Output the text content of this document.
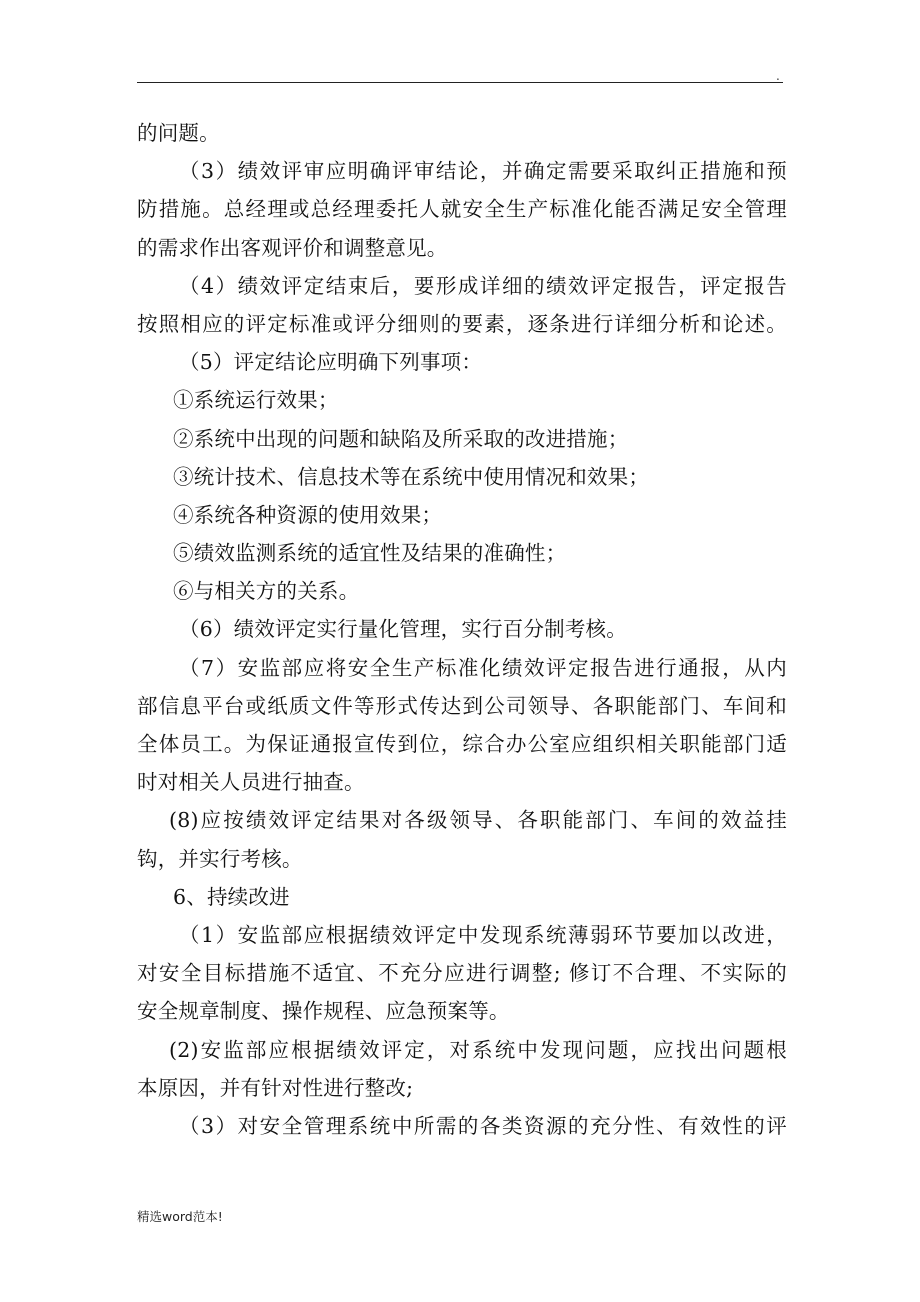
.
的问题。
（3）绩效评审应明确评审结论，并确定需要采取纠正措施和预
防措施。总经理或总经理委托人就安全生产标准化能否满足安全管理
的需求作出客观评价和调整意见。
（4）绩效评定结束后，要形成详细的绩效评定报告，评定报告
按照相应的评定标准或评分细则的要素，逐条进行详细分析和论述。
（5）评定结论应明确下列事项：
①系统运行效果；
②系统中出现的问题和缺陷及所采取的改进措施；
③统计技术、信息技术等在系统中使用情况和效果；
④系统各种资源的使用效果；
⑤绩效监测系统的适宜性及结果的准确性；
⑥与相关方的关系。
（6）绩效评定实行量化管理，实行百分制考核。
（7）安监部应将安全生产标准化绩效评定报告进行通报，从内
部信息平台或纸质文件等形式传达到公司领导、各职能部门、车间和
全体员工。为保证通报宣传到位，综合办公室应组织相关职能部门适
时对相关人员进行抽查。
(8)应按绩效评定结果对各级领导、各职能部门、车间的效益挂
钩，并实行考核。
6、持续改进
（1）安监部应根据绩效评定中发现系统薄弱环节要加以改进，
对安全目标措施不适宜、不充分应进行调整; 修订不合理、不实际的
安全规章制度、操作规程、应急预案等。
(2)安监部应根据绩效评定，对系统中发现问题，应找出问题根
本原因，并有针对性进行整改;
（3）对安全管理系统中所需的各类资源的充分性、有效性的评
精选word范本!
